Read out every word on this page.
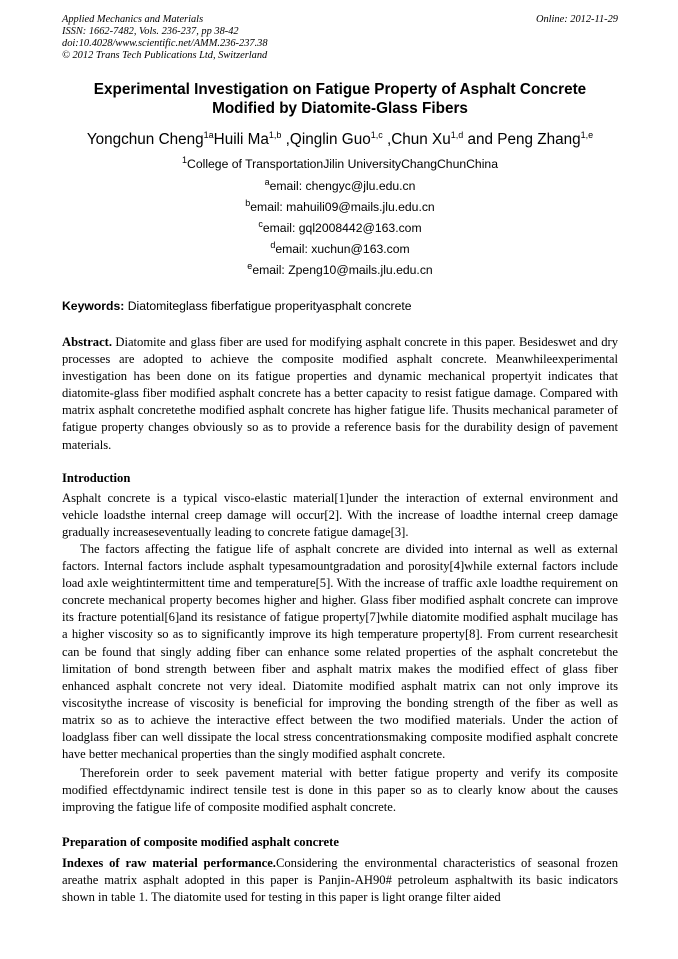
Applied Mechanics and Materials
ISSN: 1662-7482, Vols. 236-237, pp 38-42
doi:10.4028/www.scientific.net/AMM.236-237.38
© 2012 Trans Tech Publications Ltd, Switzerland
Online: 2012-11-29
Experimental Investigation on Fatigue Property of Asphalt Concrete
Modified by Diatomite-Glass Fibers
Yongchun Cheng$^{1a}$Huili Ma$^{1,b}$ ,Qinglin Guo$^{1,c}$ ,Chun Xu$^{1,d}$ and Peng Zhang$^{1,e}$
$^1$College of TransportationJilin UniversityChangChunChina
$^a$email: chengyc@jlu.edu.cn
$^b$email: mahuili09@mails.jlu.edu.cn
$^c$email: gql2008442@163.com
$^d$email: xuchun@163.com
$^e$email: Zpeng10@mails.jlu.edu.cn
Keywords: Diatomiteglass fiberfatigue properityasphalt concrete
Abstract. Diatomite and glass fiber are used for modifying asphalt concrete in this paper. Besideswet and dry processes are adopted to achieve the composite modified asphalt concrete. Meanwhileexperimental investigation has been done on its fatigue properties and dynamic mechanical propertyit indicates that diatomite-glass fiber modified asphalt concrete has a better capacity to resist fatigue damage. Compared with matrix asphalt concretethe modified asphalt concrete has higher fatigue life. Thusits mechanical parameter of fatigue property changes obviously so as to provide a reference basis for the durability design of pavement materials.
Introduction
Asphalt concrete is a typical visco-elastic material[1]under the interaction of external environment and vehicle loadsthe internal creep damage will occur[2]. With the increase of loadthe internal creep damage gradually increaseseventually leading to concrete fatigue damage[3].
The factors affecting the fatigue life of asphalt concrete are divided into internal as well as external factors. Internal factors include asphalt typesamountgradation and porosity[4]while external factors include load axle weightintermittent time and temperature[5]. With the increase of traffic axle loadthe requirement on concrete mechanical property becomes higher and higher. Glass fiber modified asphalt concrete can improve its fracture potential[6]and its resistance of fatigue property[7]while diatomite modified asphalt mucilage has a higher viscosity so as to significantly improve its high temperature property[8]. From current researchesit can be found that singly adding fiber can enhance some related properties of the asphalt concretebut the limitation of bond strength between fiber and asphalt matrix makes the modified effect of glass fiber enhanced asphalt concrete not very ideal. Diatomite modified asphalt matrix can not only improve its viscositythe increase of viscosity is beneficial for improving the bonding strength of the fiber as well as matrix so as to achieve the interactive effect between the two modified materials. Under the action of loadglass fiber can well dissipate the local stress concentrationsmaking composite modified asphalt concrete have better mechanical properties than the singly modified asphalt concrete.
Thereforein order to seek pavement material with better fatigue property and verify its composite modified effectdynamic indirect tensile test is done in this paper so as to clearly know about the causes improving the fatigue life of composite modified asphalt concrete.
Preparation of composite modified asphalt concrete
Indexes of raw material performance.Considering the environmental characteristics of seasonal frozen areathe matrix asphalt adopted in this paper is Panjin-AH90# petroleum asphaltwith its basic indicators shown in table 1. The diatomite used for testing in this paper is light orange filter aided
